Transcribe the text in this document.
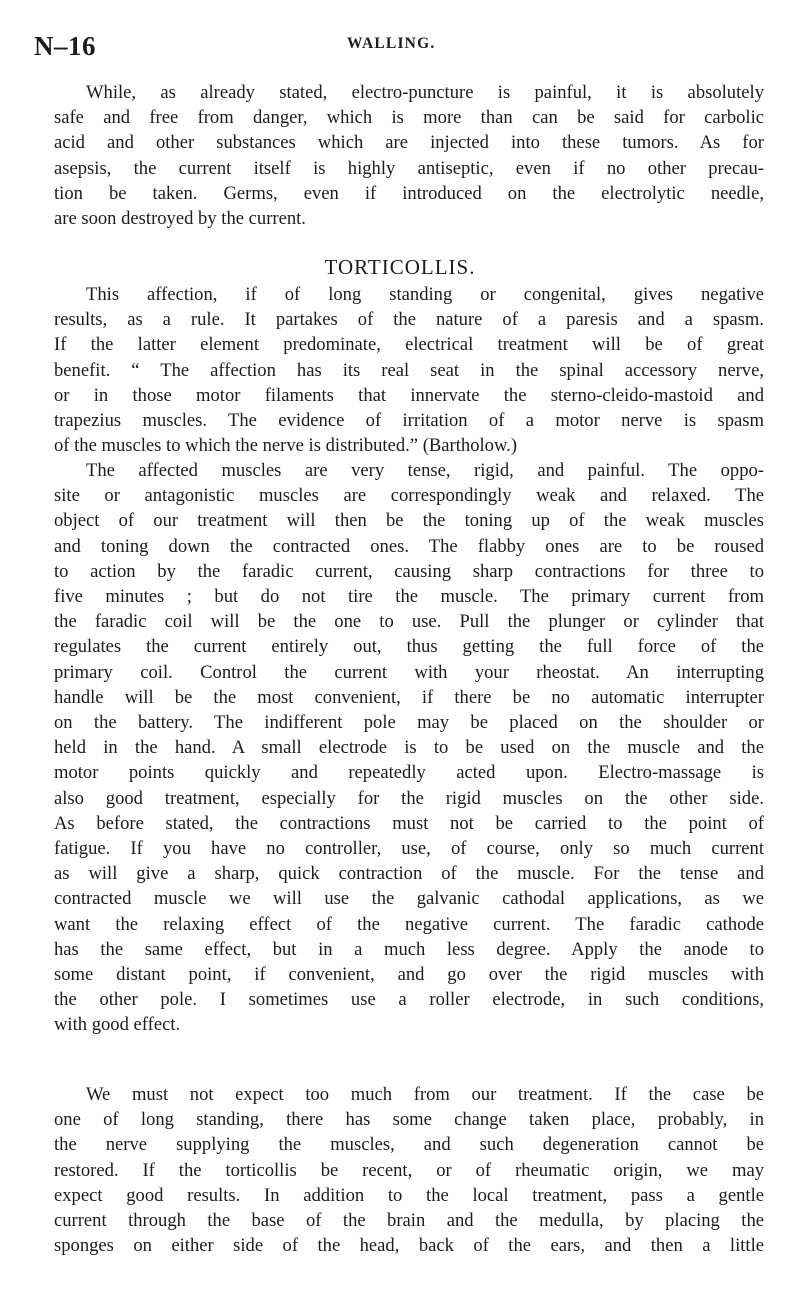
N–16	WALLING.
While, as already stated, electro-puncture is painful, it is absolutely
safe and free from danger, which is more than can be said for carbolic
acid and other substances which are injected into these tumors. As for
asepsis, the current itself is highly antiseptic, even if no other precau-
tion be taken. Germs, even if introduced on the electrolytic needle,
are soon destroyed by the current.
TORTICOLLIS.
This affection, if of long standing or congenital, gives negative
results, as a rule. It partakes of the nature of a paresis and a spasm.
If the latter element predominate, electrical treatment will be of great
benefit. “ The affection has its real seat in the spinal accessory nerve,
or in those motor filaments that innervate the sterno-cleido-mastoid and
trapezius muscles. The evidence of irritation of a motor nerve is spasm
of the muscles to which the nerve is distributed.” (Bartholow.)
The affected muscles are very tense, rigid, and painful. The oppo-
site or antagonistic muscles are correspondingly weak and relaxed. The
object of our treatment will then be the toning up of the weak muscles
and toning down the contracted ones. The flabby ones are to be roused
to action by the faradic current, causing sharp contractions for three to
five minutes ; but do not tire the muscle. The primary current from
the faradic coil will be the one to use. Pull the plunger or cylinder that
regulates the current entirely out, thus getting the full force of the
primary coil. Control the current with your rheostat. An interrupting
handle will be the most convenient, if there be no automatic interrupter
on the battery. The indifferent pole may be placed on the shoulder or
held in the hand. A small electrode is to be used on the muscle and the
motor points quickly and repeatedly acted upon. Electro-massage is
also good treatment, especially for the rigid muscles on the other side.
As before stated, the contractions must not be carried to the point of
fatigue. If you have no controller, use, of course, only so much current
as will give a sharp, quick contraction of the muscle. For the tense and
contracted muscle we will use the galvanic cathodal applications, as we
want the relaxing effect of the negative current. The faradic cathode
has the same effect, but in a much less degree. Apply the anode to
some distant point, if convenient, and go over the rigid muscles with
the other pole. I sometimes use a roller electrode, in such conditions,
with good effect.
We must not expect too much from our treatment. If the case be
one of long standing, there has some change taken place, probably, in
the nerve supplying the muscles, and such degeneration cannot be
restored. If the torticollis be recent, or of rheumatic origin, we may
expect good results. In addition to the local treatment, pass a gentle
current through the base of the brain and the medulla, by placing the
sponges on either side of the head, back of the ears, and then a little
